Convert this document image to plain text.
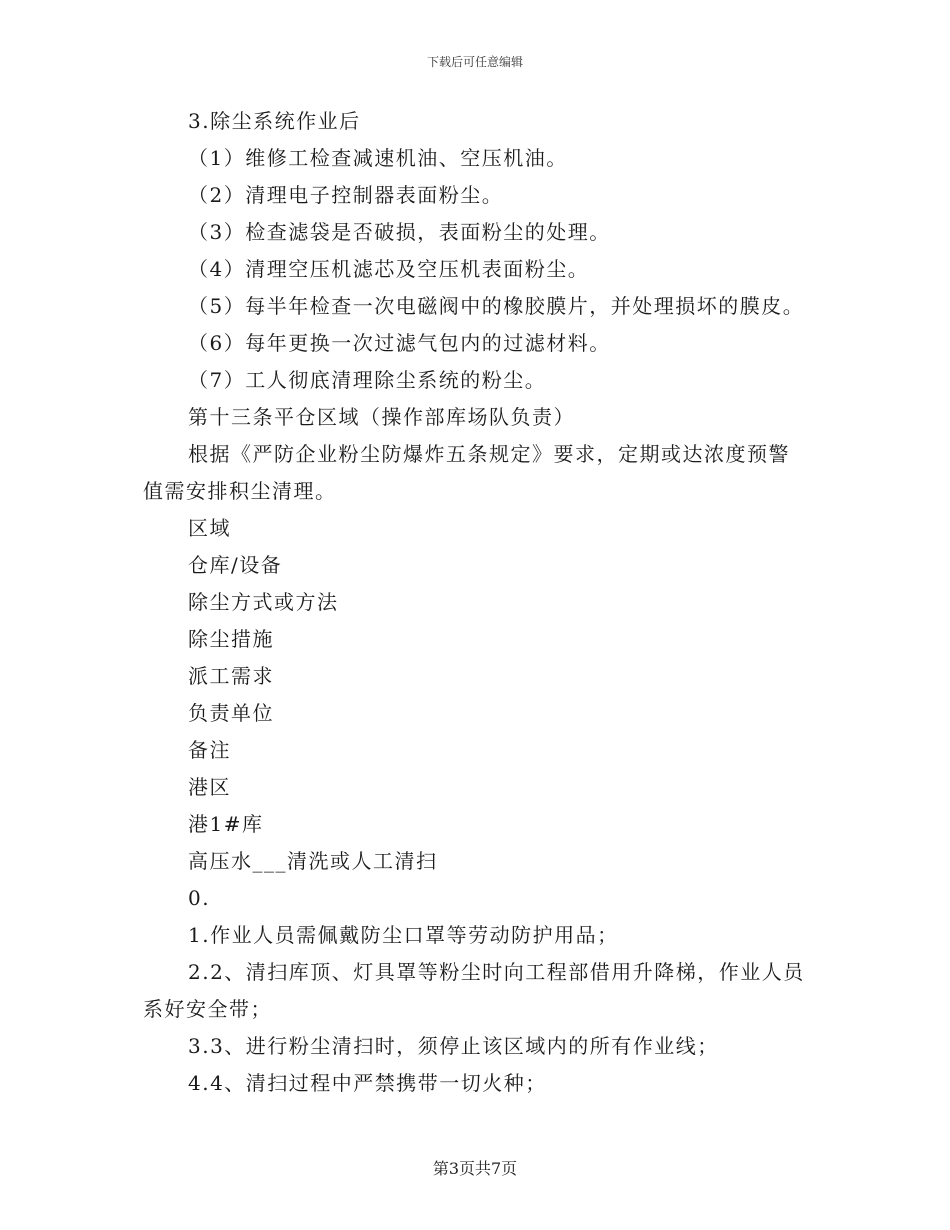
下载后可任意编辑
3.除尘系统作业后
（1）维修工检查减速机油、空压机油。
（2）清理电子控制器表面粉尘。
（3）检查滤袋是否破损，表面粉尘的处理。
（4）清理空压机滤芯及空压机表面粉尘。
（5）每半年检查一次电磁阀中的橡胶膜片，并处理损坏的膜皮。
（6）每年更换一次过滤气包内的过滤材料。
（7）工人彻底清理除尘系统的粉尘。
第十三条平仓区域（操作部库场队负责）
根据《严防企业粉尘防爆炸五条规定》要求，定期或达浓度预警
值需安排积尘清理。
区域
仓库/设备
除尘方式或方法
除尘措施
派工需求
负责单位
备注
港区
港1#库
高压水___清洗或人工清扫
0.
1.作业人员需佩戴防尘口罩等劳动防护用品；
2.2、清扫库顶、灯具罩等粉尘时向工程部借用升降梯，作业人员
系好安全带；
3.3、进行粉尘清扫时，须停止该区域内的所有作业线；
4.4、清扫过程中严禁携带一切火种；
第3页共7页
